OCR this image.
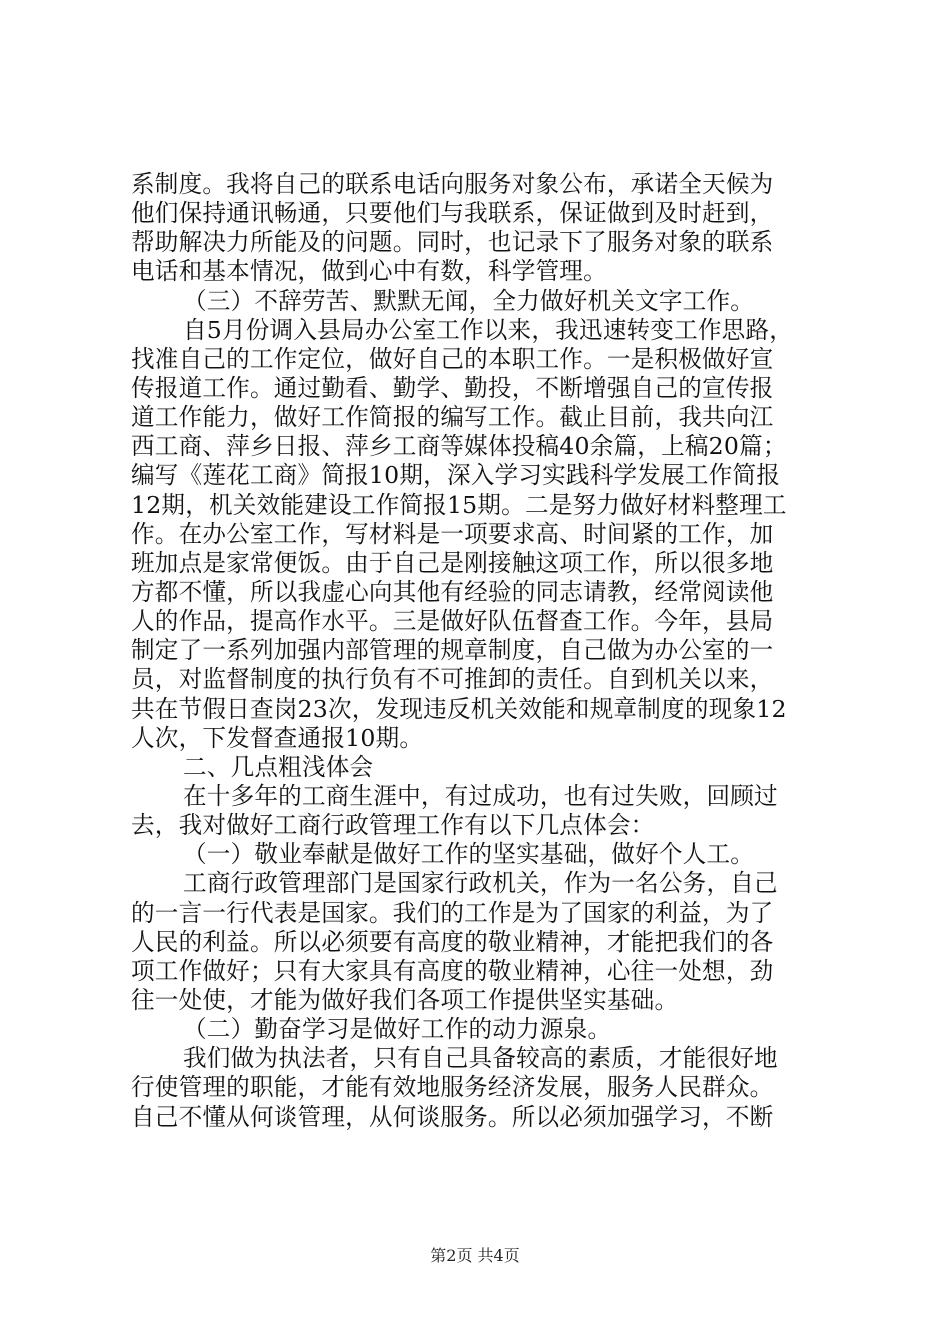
系制度。我将自己的联系电话向服务对象公布，承诺全天候为
他们保持通讯畅通，只要他们与我联系，保证做到及时赶到，
帮助解决力所能及的问题。同时，也记录下了服务对象的联系
电话和基本情况，做到心中有数，科学管理。
（三）不辞劳苦、默默无闻，全力做好机关文字工作。
自5月份调入县局办公室工作以来，我迅速转变工作思路，
找准自己的工作定位，做好自己的本职工作。一是积极做好宣
传报道工作。通过勤看、勤学、勤投，不断增强自己的宣传报
道工作能力，做好工作简报的编写工作。截止目前，我共向江
西工商、萍乡日报、萍乡工商等媒体投稿40余篇，上稿20篇；
编写《莲花工商》简报10期，深入学习实践科学发展工作简报
12期，机关效能建设工作简报15期。二是努力做好材料整理工
作。在办公室工作，写材料是一项要求高、时间紧的工作，加
班加点是家常便饭。由于自己是刚接触这项工作，所以很多地
方都不懂，所以我虚心向其他有经验的同志请教，经常阅读他
人的作品，提高作水平。三是做好队伍督查工作。今年，县局
制定了一系列加强内部管理的规章制度，自己做为办公室的一
员，对监督制度的执行负有不可推卸的责任。自到机关以来，
共在节假日查岗23次，发现违反机关效能和规章制度的现象12
人次，下发督查通报10期。
二、几点粗浅体会
在十多年的工商生涯中，有过成功，也有过失败，回顾过
去，我对做好工商行政管理工作有以下几点体会：
（一）敬业奉献是做好工作的坚实基础，做好个人工。
工商行政管理部门是国家行政机关，作为一名公务，自己
的一言一行代表是国家。我们的工作是为了国家的利益，为了
人民的利益。所以必须要有高度的敬业精神，才能把我们的各
项工作做好；只有大家具有高度的敬业精神，心往一处想，劲
往一处使，才能为做好我们各项工作提供坚实基础。
（二）勤奋学习是做好工作的动力源泉。
我们做为执法者，只有自己具备较高的素质，才能很好地
行使管理的职能，才能有效地服务经济发展，服务人民群众。
自己不懂从何谈管理，从何谈服务。所以必须加强学习，不断
第2页 共4页
